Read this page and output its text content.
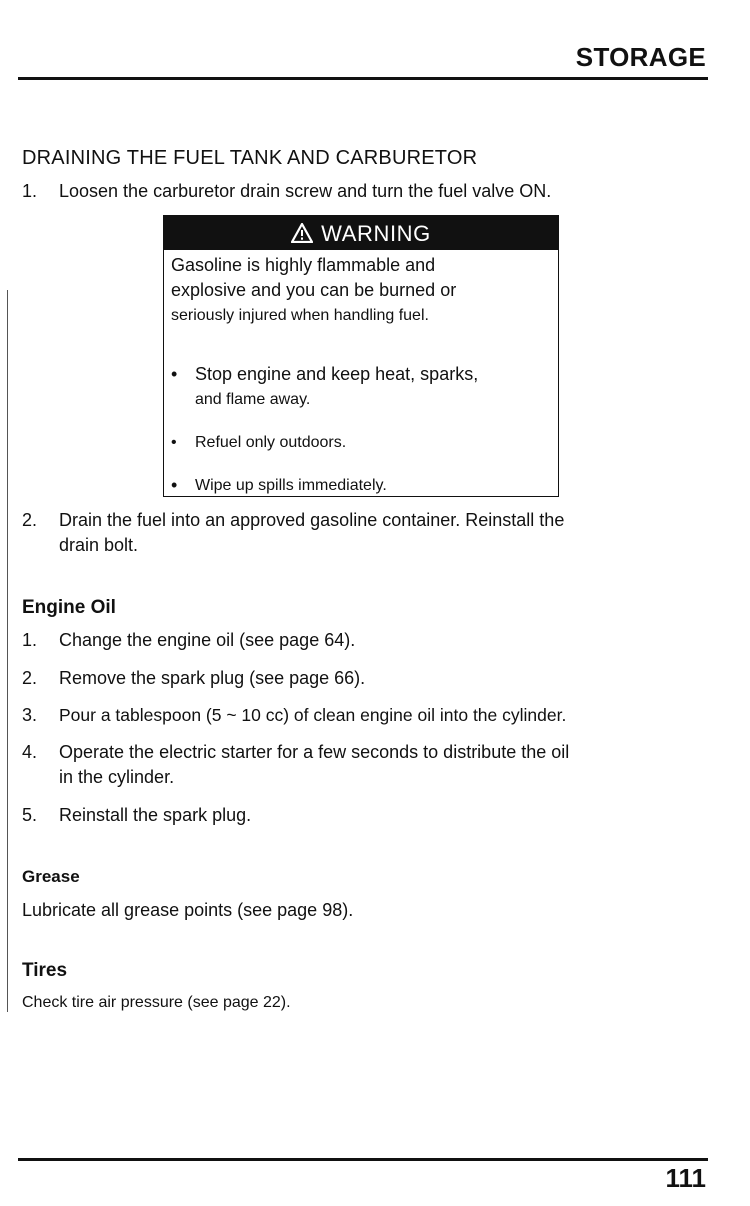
STORAGE
DRAINING THE FUEL TANK AND CARBURETOR
1. Loosen the carburetor drain screw and turn the fuel valve ON.
WARNING
Gasoline is highly flammable and
explosive and you can be burned or
seriously injured when handling fuel.
• Stop engine and keep heat, sparks,
and flame away.
• Refuel only outdoors.
• Wipe up spills immediately.
2. Drain the fuel into an approved gasoline container. Reinstall the
drain bolt.
Engine Oil
1. Change the engine oil (see page 64).
2. Remove the spark plug (see page 66).
3. Pour a tablespoon (5 ~ 10 cc) of clean engine oil into the cylinder.
4. Operate the electric starter for a few seconds to distribute the oil
in the cylinder.
5. Reinstall the spark plug.
Grease
Lubricate all grease points (see page 98).
Tires
Check tire air pressure (see page 22).
111
